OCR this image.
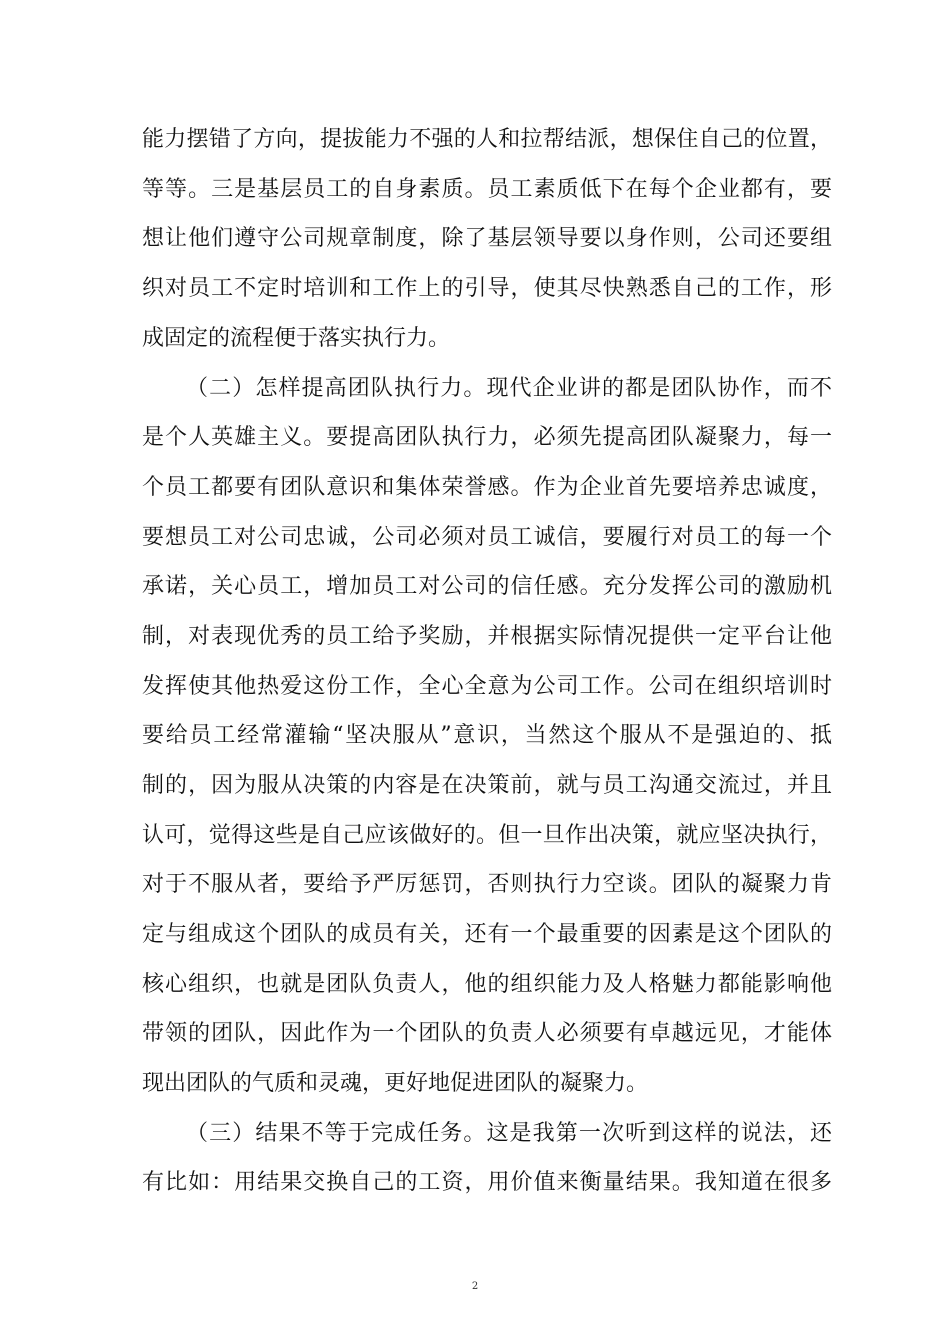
能力摆错了方向，提拔能力不强的人和拉帮结派，想保住自己的位置，
等等。三是基层员工的自身素质。员工素质低下在每个企业都有，要
想让他们遵守公司规章制度，除了基层领导要以身作则，公司还要组
织对员工不定时培训和工作上的引导，使其尽快熟悉自己的工作，形
成固定的流程便于落实执行力。
（二）怎样提高团队执行力。现代企业讲的都是团队协作，而不
是个人英雄主义。要提高团队执行力，必须先提高团队凝聚力，每一
个员工都要有团队意识和集体荣誉感。作为企业首先要培养忠诚度，
要想员工对公司忠诚，公司必须对员工诚信，要履行对员工的每一个
承诺，关心员工，增加员工对公司的信任感。充分发挥公司的激励机
制，对表现优秀的员工给予奖励，并根据实际情况提供一定平台让他
发挥使其他热爱这份工作，全心全意为公司工作。公司在组织培训时
要给员工经常灌输“坚决服从”意识，当然这个服从不是强迫的、抵
制的，因为服从决策的内容是在决策前，就与员工沟通交流过，并且
认可，觉得这些是自己应该做好的。但一旦作出决策，就应坚决执行，
对于不服从者，要给予严厉惩罚，否则执行力空谈。团队的凝聚力肯
定与组成这个团队的成员有关，还有一个最重要的因素是这个团队的
核心组织，也就是团队负责人，他的组织能力及人格魅力都能影响他
带领的团队，因此作为一个团队的负责人必须要有卓越远见，才能体
现出团队的气质和灵魂，更好地促进团队的凝聚力。
（三）结果不等于完成任务。这是我第一次听到这样的说法，还
有比如：用结果交换自己的工资，用价值来衡量结果。我知道在很多
2
